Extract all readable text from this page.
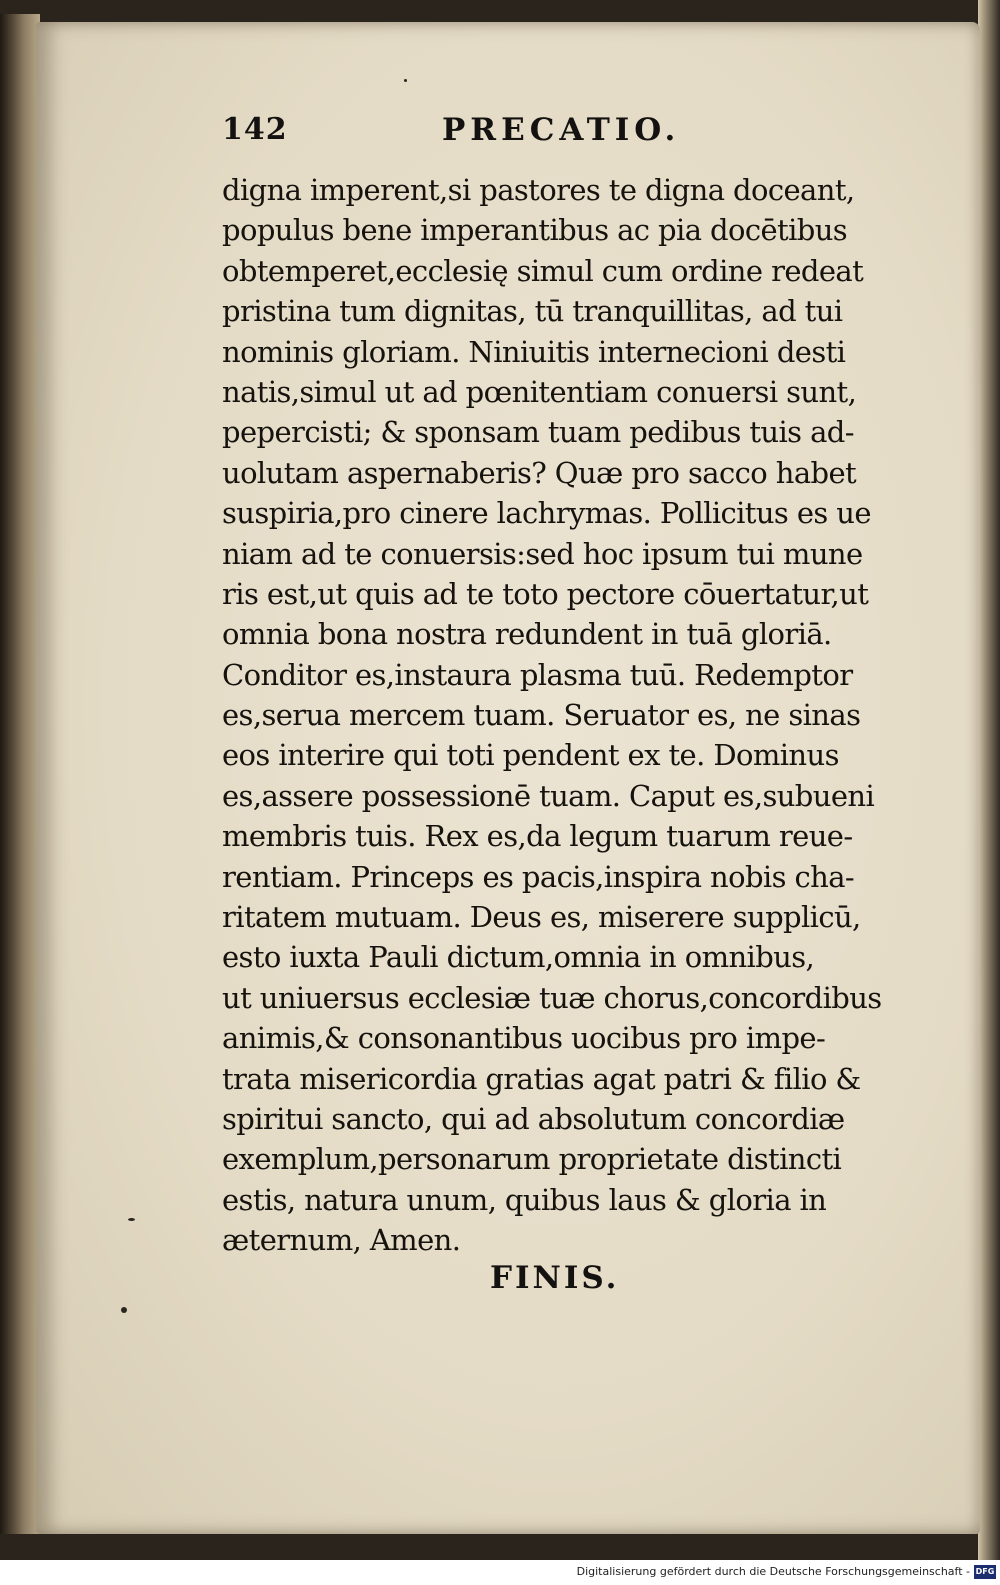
142	PRECATIO.
digna imperent,si pastores te digna doceant,
populus bene imperantibus ac pia docētibus
obtemperet,ecclesię simul cum ordine redeat
pristina tum dignitas, tū tranquillitas, ad tui
nominis gloriam. Niniuitis internecioni desti
natis,simul ut ad pœnitentiam conuersi sunt,
pepercisti; & sponsam tuam pedibus tuis ad-
uolutam aspernaberis? Quæ pro sacco habet
suspiria,pro cinere lachrymas. Pollicitus es ue
niam ad te conuersis:sed hoc ipsum tui mune
ris est,ut quis ad te toto pectore cōuertatur,ut
omnia bona nostra redundent in tuā gloriā.
Conditor es,instaura plasma tuū. Redemptor
es,serua mercem tuam. Seruator es, ne sinas
eos interire qui toti pendent ex te. Dominus
es,assere possessionē tuam. Caput es,subueni
membris tuis. Rex es,da legum tuarum reue-
rentiam. Princeps es pacis,inspira nobis cha-
ritatem mutuam. Deus es, miserere supplicū,
esto iuxta Pauli dictum,omnia in omnibus,
ut uniuersus ecclesiæ tuæ chorus,concordibus
animis,& consonantibus uocibus pro impe-
trata misericordia gratias agat patri & filio &
spiritui sancto, qui ad absolutum concordiæ
exemplum,personarum proprietate distincti
estis, natura unum, quibus laus & gloria in
æternum, Amen.
FINIS.
Digitalisierung gefördert durch die Deutsche Forschungsgemeinschaft - DFG
